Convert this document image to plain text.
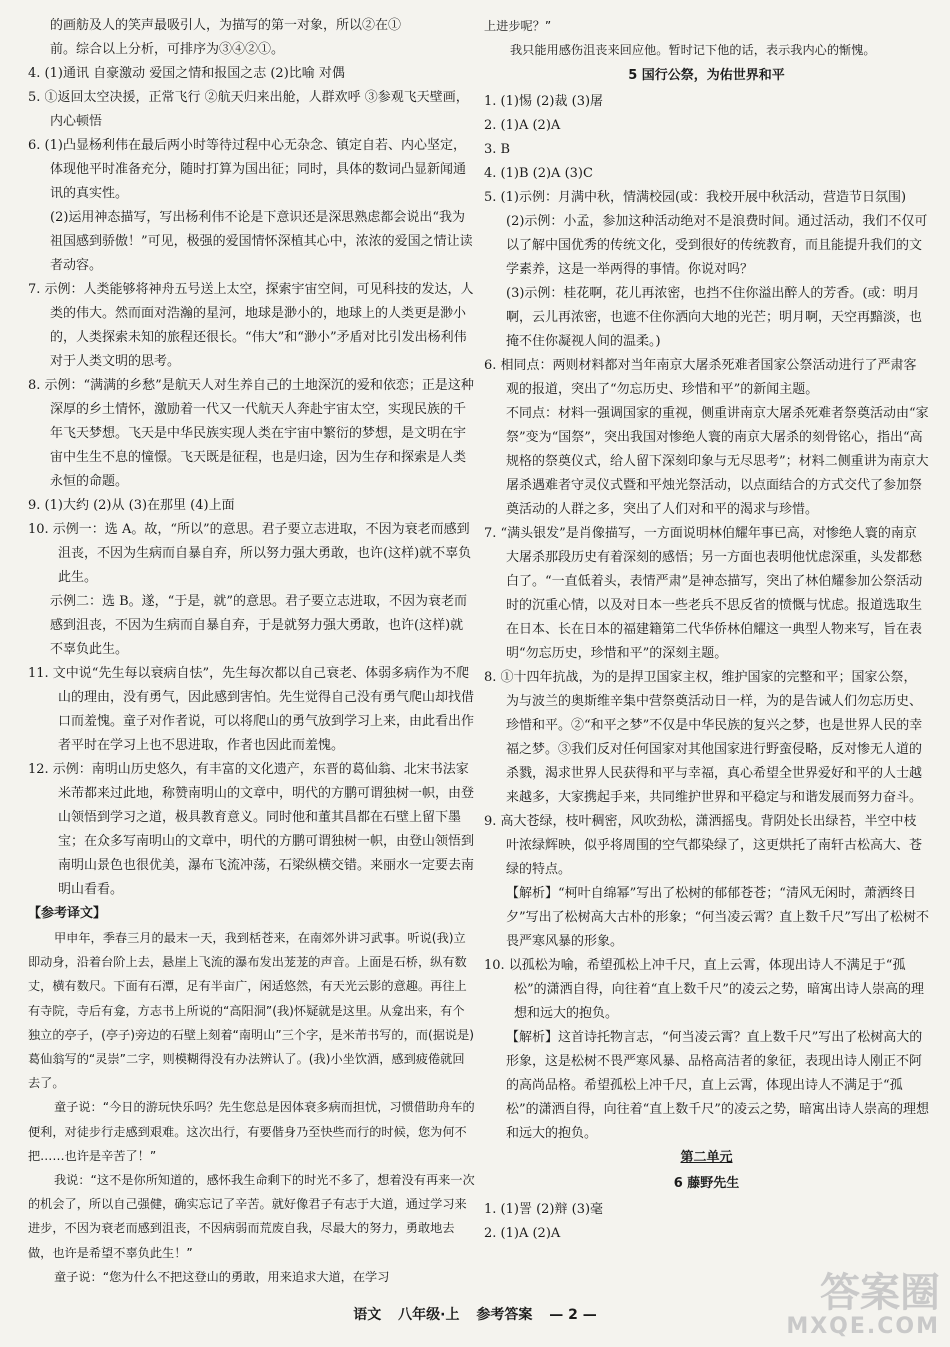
的画舫及人的笑声最吸引人，为描写的第一对象，所以②在①

前。综合以上分析，可排序为③④②①。

4. (1)通讯 自豪激动 爱国之情和报国之志 (2)比喻 对偶

5. ①返回太空决援，正常飞行 ②航天归来出舱，人群欢呼 ③参观飞天壁画，内心顿悟

6. (1)凸显杨利伟在最后两小时等待过程中心无杂念、镇定自若、内心坚定，体现他平时准备充分，随时打算为国出征；同时，具体的数词凸显新闻通讯的真实性。

(2)运用神态描写，写出杨利伟不论是下意识还是深思熟虑都会说出“我为祖国感到骄傲！”可见，极强的爱国情怀深植其心中，浓浓的爱国之情让读者动容。

7. 示例：人类能够将神舟五号送上太空，探索宇宙空间，可见科技的发达，人类的伟大。然而面对浩瀚的星河，地球是渺小的，地球上的人类更是渺小的，人类探索未知的旅程还很长。“伟大”和“渺小”矛盾对比引发出杨利伟对于人类文明的思考。

8. 示例：“满满的乡愁”是航天人对生养自己的土地深沉的爱和依恋；正是这种深厚的乡土情怀，激励着一代又一代航天人奔赴宇宙太空，实现民族的千年飞天梦想。飞天是中华民族实现人类在宇宙中繁衍的梦想，是文明在宇宙中生生不息的憧憬。飞天既是征程，也是归途，因为生存和探索是人类永恒的命题。

9. (1)大约 (2)从 (3)在那里 (4)上面

10. 示例一：选 A。故，“所以”的意思。君子要立志进取，不因为衰老而感到沮丧，不因为生病而自暴自弃，所以努力强大勇敢，也许(这样)就不辜负此生。

示例二：选 B。遂，“于是，就”的意思。君子要立志进取，不因为衰老而感到沮丧，不因为生病而自暴自弃，于是就努力强大勇敢，也许(这样)就不辜负此生。

11. 文中说“先生每以衰病自怯”，先生每次都以自己衰老、体弱多病作为不爬山的理由，没有勇气，因此感到害怕。先生觉得自己没有勇气爬山却找借口而羞愧。童子对作者说，可以将爬山的勇气放到学习上来，由此看出作者平时在学习上也不思进取，作者也因此而羞愧。

12. 示例：南明山历史悠久，有丰富的文化遗产，东晋的葛仙翁、北宋书法家米芾都来过此地，称赞南明山的文章中，明代的方鹏可谓独树一帜，由登山领悟到学习之道，极具教育意义。同时他和董其昌都在石壁上留下墨宝；在众多写南明山的文章中，明代的方鹏可谓独树一帜，由登山领悟到南明山景色也很优美，瀑布飞流冲荡，石梁纵横交错。来丽水一定要去南明山看看。

【参考译文】

甲申年，季春三月的最末一天，我到栝苍来，在南郊外讲习武事。听说(我)立即动身，沿着台阶上去，悬崖上飞流的瀑布发出茏茏的声音。上面是石桥，纵有数丈，横有数尺。下面有石潭，足有半亩广，闲适悠然，有天光云影的意趣。再往上有寺院，寺后有龛，方志书上所说的“高阳洞”(我)怀疑就是这里。从龛出来，有个独立的亭子，(亭子)旁边的石壁上刻着“南明山”三个字，是米芾书写的，而(据说是)葛仙翁写的“灵崇”二字，则模糊得没有办法辨认了。(我)小坐饮酒，感到疲倦就回去了。

童子说：“今日的游玩快乐吗？先生您总是因体衰多病而担忧，习惯借助舟车的便利，对徒步行走感到艰难。这次出行，有要偕身乃至快些而行的时候，您为何不把……也许是辛苦了！”

我说：“这不是你所知道的，感怀我生命剩下的时光不多了，想着没有再来一次的机会了，所以自己强健，确实忘记了辛苦。就好像君子有志于大道，通过学习来进步，不因为衰老而感到沮丧，不因病弱而荒废自我，尽最大的努力，勇敢地去做，也许是希望不辜负此生！”

童子说：“您为什么不把这登山的勇敢，用来追求大道，在学习

上进步呢？”

我只能用感伤沮丧来回应他。暂时记下他的话，表示我内心的惭愧。

5 国行公祭，为佑世界和平

1. (1)惕 (2)裁 (3)屠

2. (1)A (2)A

3. B

4. (1)B (2)A (3)C

5. (1)示例：月满中秋，情满校园(或：我校开展中秋活动，营造节日氛围)

(2)示例：小孟，参加这种活动绝对不是浪费时间。通过活动，我们不仅可以了解中国优秀的传统文化，受到很好的传统教育，而且能提升我们的文学素养，这是一举两得的事情。你说对吗？

(3)示例：桂花啊，花儿再浓密，也挡不住你溢出醉人的芳香。(或：明月啊，云儿再浓密，也遮不住你洒向大地的光芒；明月啊，天空再黯淡，也掩不住你凝视人间的温柔。)

6. 相同点：两则材料都对当年南京大屠杀死难者国家公祭活动进行了严肃客观的报道，突出了“勿忘历史、珍惜和平”的新闻主题。

不同点：材料一强调国家的重视，侧重讲南京大屠杀死难者祭奠活动由“家祭”变为“国祭”，突出我国对惨绝人寰的南京大屠杀的刻骨铭心，指出“高规格的祭奠仪式，给人留下深刻印象与无尽思考”；材料二侧重讲为南京大屠杀遇难者守灵仪式暨和平烛光祭活动，以点面结合的方式交代了参加祭奠活动的人群之多，突出了人们对和平的渴求与珍惜。

7. “满头银发”是肖像描写，一方面说明林伯耀年事已高，对惨绝人寰的南京大屠杀那段历史有着深刻的感悟；另一方面也表明他忧虑深重，头发都愁白了。“一直低着头，表情严肃”是神态描写，突出了林伯耀参加公祭活动时的沉重心情，以及对日本一些老兵不思反省的愤慨与忧虑。报道选取生在日本、长在日本的福建籍第二代华侨林伯耀这一典型人物来写，旨在表明“勿忘历史，珍惜和平”的深刻主题。

8. ①十四年抗战，为的是捍卫国家主权，维护国家的完整和平；国家公祭，为与波兰的奥斯维辛集中营祭奠活动日一样，为的是告诫人们勿忘历史、珍惜和平。②“和平之梦”不仅是中华民族的复兴之梦，也是世界人民的幸福之梦。③我们反对任何国家对其他国家进行野蛮侵略，反对惨无人道的杀戮，渴求世界人民获得和平与幸福，真心希望全世界爱好和平的人士越来越多，大家携起手来，共同维护世界和平稳定与和谐发展而努力奋斗。

9. 高大苍绿，枝叶稠密，风吹劲松，潇洒摇曳。背阴处长出绿苔，半空中枝叶浓绿辉映，似乎将周围的空气都染绿了，这更烘托了南轩古松高大、苍绿的特点。

【解析】“柯叶自绵幂”写出了松树的郁郁苍苍；“清风无闲时，萧洒终日夕”写出了松树高大古朴的形象；“何当凌云霄？直上数千尺”写出了松树不畏严寒风暴的形象。

10. 以孤松为喻，希望孤松上冲千尺，直上云霄，体现出诗人不满足于“孤松”的潇洒自得，向往着“直上数千尺”的凌云之势，暗寓出诗人崇高的理想和远大的抱负。

【解析】这首诗托物言志，“何当凌云霄？直上数千尺”写出了松树高大的形象，这是松树不畏严寒风暴、品格高洁者的象征，表现出诗人刚正不阿的高尚品格。希望孤松上冲千尺，直上云霄，体现出诗人不满足于“孤松”的潇洒自得，向往着“直上数千尺”的凌云之势，暗寓出诗人崇高的理想和远大的抱负。

第二单元

6 藤野先生

1. (1)詈 (2)辩 (3)毫

2. (1)A (2)A

语文 八年级·上 参考答案 — 2 —	答案圈
MXQE.COM
